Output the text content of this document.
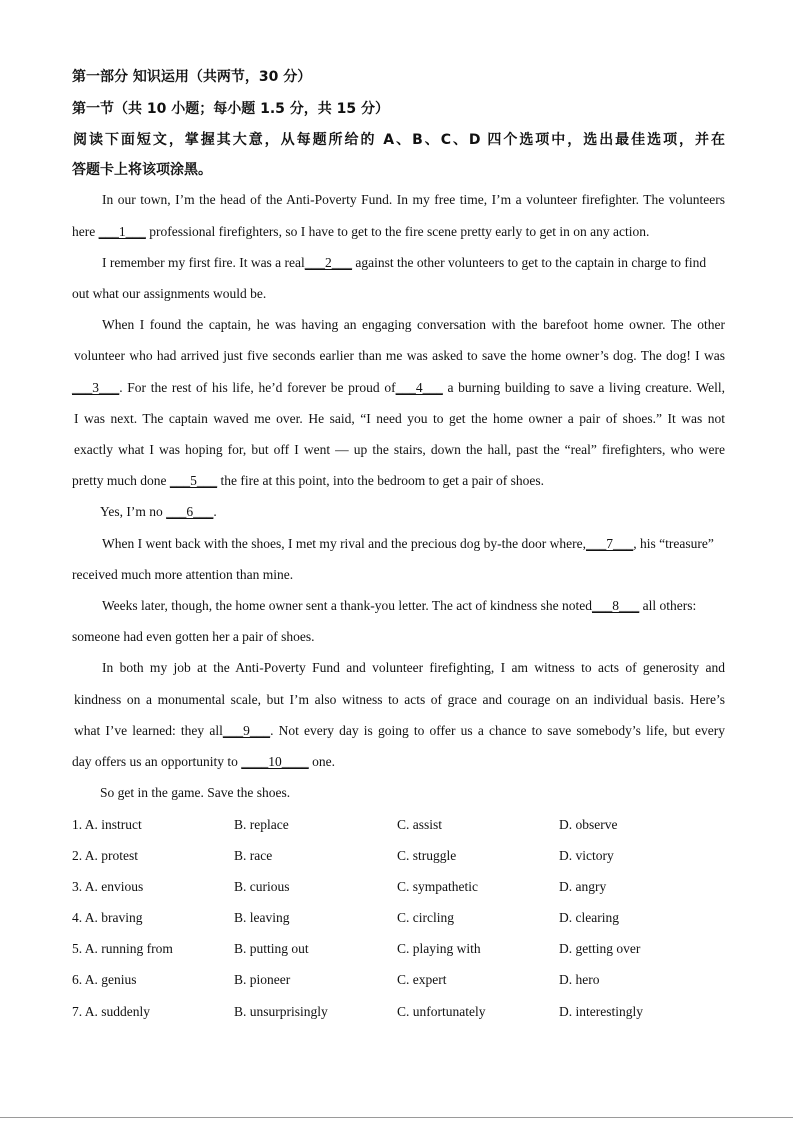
第一部分 知识运用（共两节，30 分）
第一节（共 10 小题；每小题 1.5 分，共 15 分）
阅读下面短文，掌握其大意，从每题所给的 A、B、C、D 四个选项中，选出最佳选项，并在
答题卡上将该项涂黑。
In our town, I’m the head of the Anti-Poverty Fund. In my free time, I’m a volunteer firefighter. The volunteers
here ___1___ professional firefighters, so I have to get to the fire scene pretty early to get in on any action.
I remember my first fire. It was a real___2___ against the other volunteers to get to the captain in charge to find
out what our assignments would be.
When I found the captain, he was having an engaging conversation with the barefoot home owner. The other
volunteer who had arrived just five seconds earlier than me was asked to save the home owner’s dog. The dog! I was
___3___. For the rest of his life, he’d forever be proud of___4___ a burning building to save a living creature. Well,
I was next. The captain waved me over. He said, “I need you to get the home owner a pair of shoes.” It was not
exactly what I was hoping for, but off I went — up the stairs, down the hall, past the “real” firefighters, who were
pretty much done ___5___ the fire at this point, into the bedroom to get a pair of shoes.
Yes, I’m no ___6___.
When I went back with the shoes, I met my rival and the precious dog by-the door where,___7___, his “treasure”
received much more attention than mine.
Weeks later, though, the home owner sent a thank-you letter. The act of kindness she noted___8___ all others:
someone had even gotten her a pair of shoes.
In both my job at the Anti-Poverty Fund and volunteer firefighting, I am witness to acts of generosity and
kindness on a monumental scale, but I’m also witness to acts of grace and courage on an individual basis. Here’s
what I’ve learned: they all___9___. Not every day is going to offer us a chance to save somebody’s life, but every
day offers us an opportunity to ____10____ one.
So get in the game. Save the shoes.
1. A. instruct	B. replace	C. assist	D. observe
2. A. protest	B. race	C. struggle	D. victory
3. A. envious	B. curious	C. sympathetic	D. angry
4. A. braving	B. leaving	C. circling	D. clearing
5. A. running from	B. putting out	C. playing with	D. getting over
6. A. genius	B. pioneer	C. expert	D. hero
7. A. suddenly	B. unsurprisingly	C. unfortunately	D. interestingly
